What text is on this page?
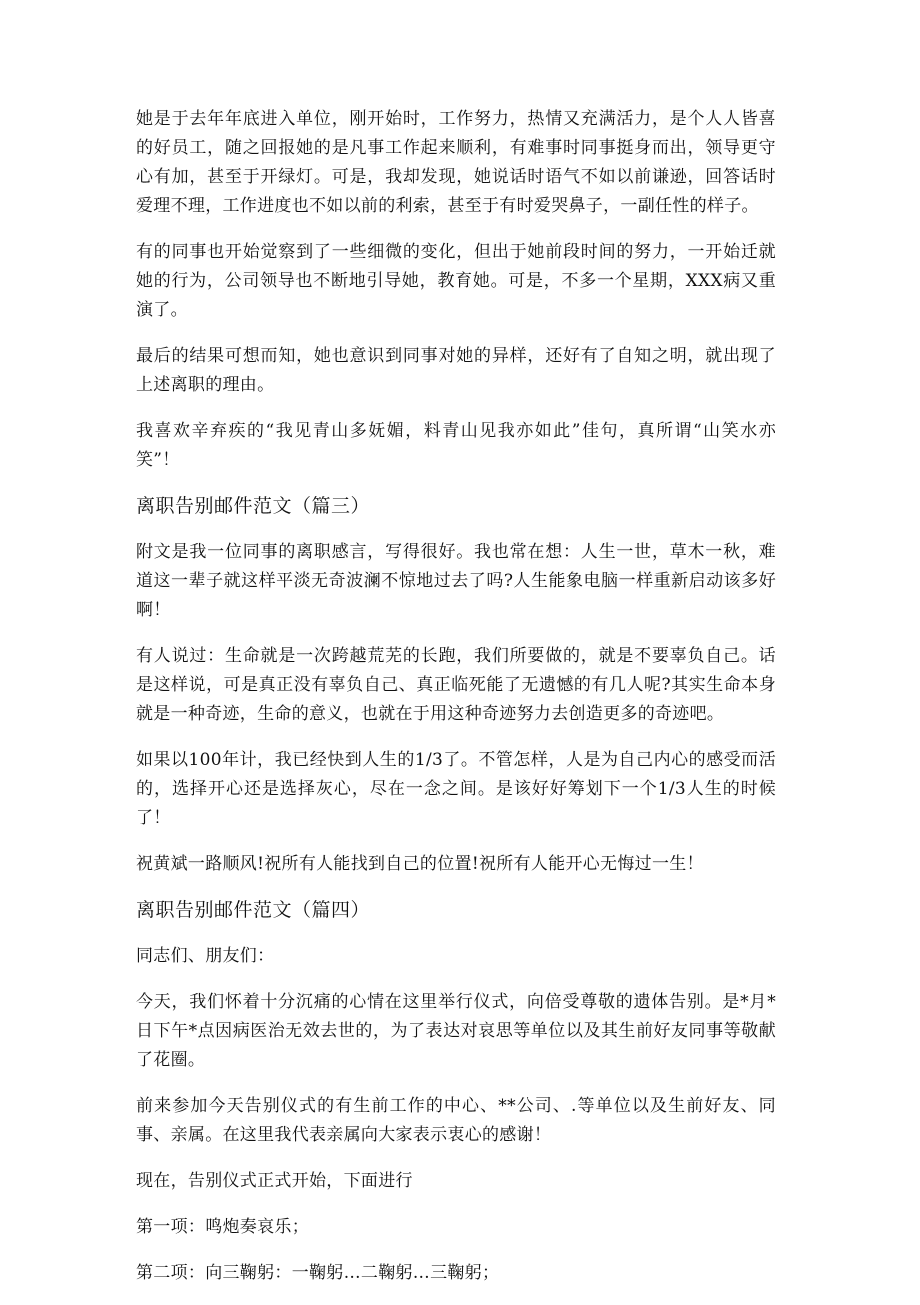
她是于去年年底进入单位，刚开始时，工作努力，热情又充满活力，是个人人皆喜的好员工，随之回报她的是凡事工作起来顺利，有难事时同事挺身而出，领导更守心有加，甚至于开绿灯。可是，我却发现，她说话时语气不如以前谦逊，回答话时爱理不理，工作进度也不如以前的利索，甚至于有时爱哭鼻子，一副任性的样子。

有的同事也开始觉察到了一些细微的变化，但出于她前段时间的努力，一开始迁就她的行为，公司领导也不断地引导她，教育她。可是，不多一个星期，XXX病又重演了。

最后的结果可想而知，她也意识到同事对她的异样，还好有了自知之明，就出现了上述离职的理由。

我喜欢辛弃疾的“我见青山多妩媚，料青山见我亦如此”佳句，真所谓“山笑水亦笑”！

离职告别邮件范文（篇三）

附文是我一位同事的离职感言，写得很好。我也常在想：人生一世，草木一秋，难道这一辈子就这样平淡无奇波澜不惊地过去了吗?人生能象电脑一样重新启动该多好啊！

有人说过：生命就是一次跨越荒芜的长跑，我们所要做的，就是不要辜负自己。话是这样说，可是真正没有辜负自己、真正临死能了无遗憾的有几人呢?其实生命本身就是一种奇迹，生命的意义，也就在于用这种奇迹努力去创造更多的奇迹吧。

如果以100年计，我已经快到人生的1/3了。不管怎样，人是为自己内心的感受而活的，选择开心还是选择灰心，尽在一念之间。是该好好筹划下一个1/3人生的时候了！

祝黄斌一路顺风!祝所有人能找到自己的位置!祝所有人能开心无悔过一生！

离职告别邮件范文（篇四）

同志们、朋友们：

今天，我们怀着十分沉痛的心情在这里举行仪式，向倍受尊敬的遗体告别。是*月*日下午*点因病医治无效去世的，为了表达对哀思等单位以及其生前好友同事等敬献了花圈。

前来参加今天告别仪式的有生前工作的中心、**公司、.等单位以及生前好友、同事、亲属。在这里我代表亲属向大家表示衷心的感谢！

现在，告别仪式正式开始，下面进行

第一项：鸣炮奏哀乐；

第二项：向三鞠躬：一鞠躬…二鞠躬…三鞠躬；
